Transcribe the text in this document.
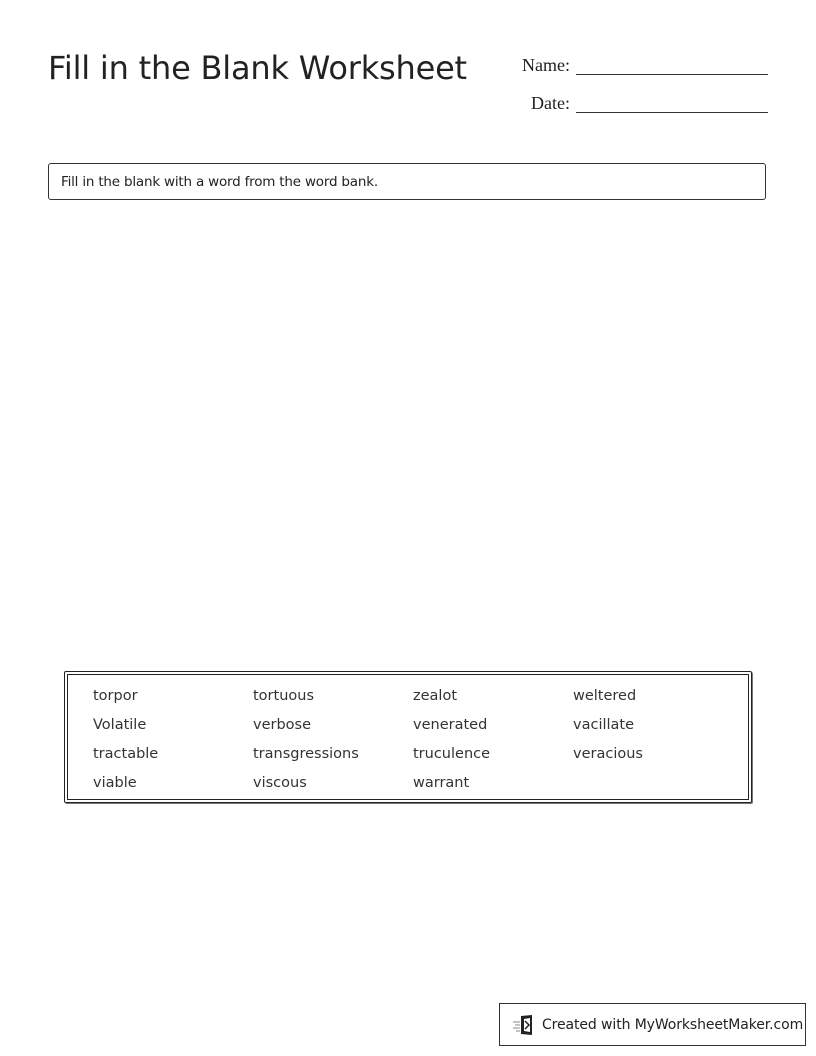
Fill in the Blank Worksheet	Name:
Date:
Fill in the blank with a word from the word bank.
torpor	tortuous	zealot	weltered
Volatile	verbose	venerated	vacillate
tractable	transgressions	truculence	veracious
viable	viscous	warrant
Created with MyWorksheetMaker.com
